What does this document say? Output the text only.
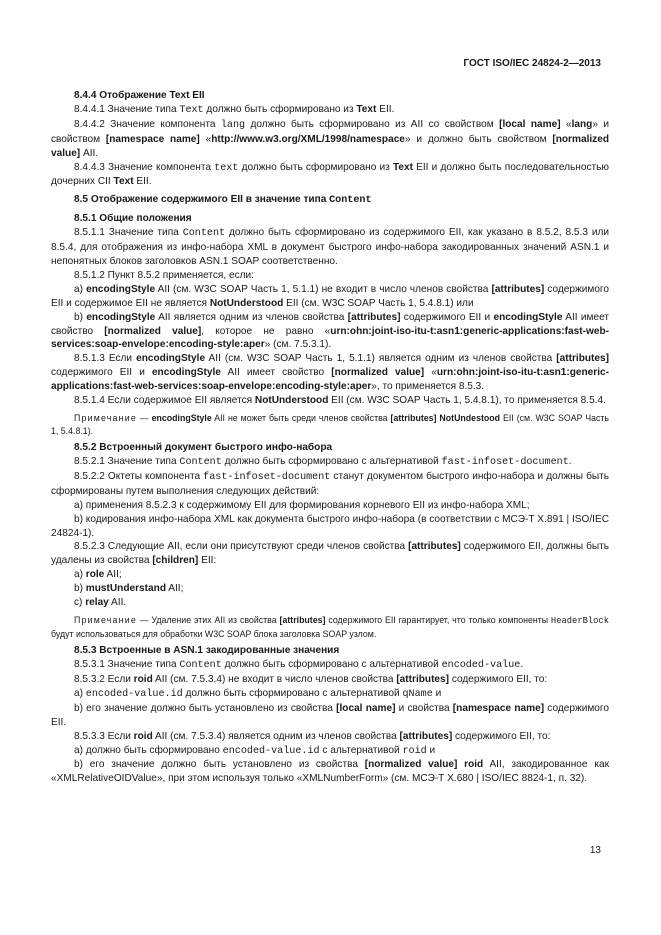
ГОСТ ISO/IEC 24824-2—2013

8.4.4 Отображение Text EII

8.4.4.1 Значение типа Text должно быть сформировано из Text EII.

8.4.4.2 Значение компонента lang должно быть сформировано из AII со свойством [local name] «lang» и свойством [namespace name] «http://www.w3.org/XML/1998/namespace» и должно быть свойством [normalized value] AII.

8.4.4.3 Значение компонента text должно быть сформировано из Text EII и должно быть последовательностью дочерних CII Text EII.

8.5 Отображение содержимого EII в значение типа Content

8.5.1 Общие положения

8.5.1.1 Значение типа Content должно быть сформировано из содержимого EII, как указано в 8.5.2, 8.5.3 или 8.5.4, для отображения из инфо-набора XML в документ быстрого инфо-набора закодированных значений ASN.1 и непонятных блоков заголовков ASN.1 SOAP соответственно.

8.5.1.2 Пункт 8.5.2 применяется, если:

a) encodingStyle AII (см. W3C SOAP Часть 1, 5.1.1) не входит в число членов свойства [attributes] содержимого EII и содержимое EII не является NotUnderstood EII (см. W3C SOAP Часть 1, 5.4.8.1) или

b) encodingStyle AII является одним из членов свойства [attributes] содержимого EII и encodingStyle AII имеет свойство [normalized value], которое не равно «urn:ohn:joint-iso-itu-t:asn1:generic-applications:fast-web-services:soap-envelope:encoding-style:aper» (см. 7.5.3.1).

8.5.1.3 Если encodingStyle AII (см. W3C SOAP Часть 1, 5.1.1) является одним из членов свойства [attributes] содержимого EII и encodingStyle AII имеет свойство [normalized value] «urn:ohn:joint-iso-itu-t:asn1:generic-applications:fast-web-services:soap-envelope:encoding-style:aper», то применяется 8.5.3.

8.5.1.4 Если содержимое EII является NotUnderstood EII (см. W3C SOAP Часть 1, 5.4.8.1), то применяется 8.5.4.

Примечание — encodingStyle AII не может быть среди членов свойства [attributes] NotUndestood EII (см. W3C SOAP Часть 1, 5.4.8.1).

8.5.2 Встроенный документ быстрого инфо-набора

8.5.2.1 Значение типа Content должно быть сформировано с альтернативой fast-infoset-document.

8.5.2.2 Октеты компонента fast-infoset-document станут документом быстрого инфо-набора и должны быть сформированы путем выполнения следующих действий:

a) применения 8.5.2.3 к содержимому EII для формирования корневого EII из инфо-набора XML;

b) кодирования инфо-набора XML как документа быстрого инфо-набора (в соответствии с МСЭ-Т X.891 | ISO/IEC 24824-1).

8.5.2.3 Следующие AII, если они присутствуют среди членов свойства [attributes] содержимого EII, должны быть удалены из свойства [children] EII:

a) role AII;

b) mustUnderstand AII;

c) relay AII.

Примечание — Удаление этих AII из свойства [attributes] содержимого EII гарантирует, что только компоненты HeaderBlock будут использоваться для обработки W3C SOAP блока заголовка SOAP узлом.

8.5.3 Встроенные в ASN.1 закодированные значения

8.5.3.1 Значение типа Content должно быть сформировано с альтернативой encoded-value.

8.5.3.2 Если roid AII (см. 7.5.3.4) не входит в число членов свойства [attributes] содержимого EII, то:

a) encoded-value.id должно быть сформировано с альтернативой qName и

b) его значение должно быть установлено из свойства [local name] и свойства [namespace name] содержимого EII.

8.5.3.3 Если roid AII (см. 7.5.3.4) является одним из членов свойства [attributes] содержимого EII, то:

a) должно быть сформировано encoded-value.id с альтернативой roid и

b) его значение должно быть установлено из свойства [normalized value] roid AII, закодированное как «XMLRelativeOIDValue», при этом используя только «XMLNumberForm» (см. МСЭ-Т X.680 | ISO/IEC 8824-1, п. 32).

13
